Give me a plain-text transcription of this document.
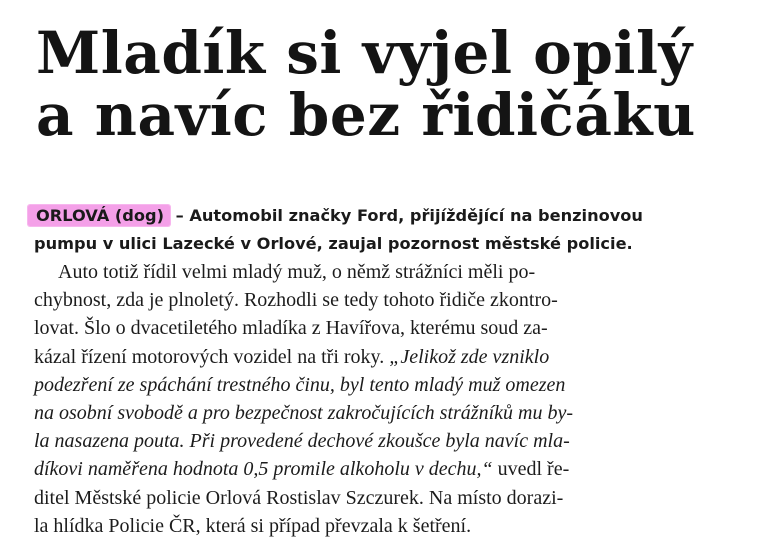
Mladík si vyjel opilý
a navíc bez řidičáku
ORLOVÁ (dog) – Automobil značky Ford, přijíždějící na benzinovou
pumpu v ulici Lazecké v Orlové, zaujal pozornost městské policie.
Auto totiž řídil velmi mladý muž, o němž strážníci měli po-
chybnost, zda je plnoletý. Rozhodli se tedy tohoto řidiče zkontro-
lovat. Šlo o dvacetiletého mladíka z Havířova, kterému soud za-
kázal řízení motorových vozidel na tři roky. „Jelikož zde vzniklo
podezření ze spáchání trestného činu, byl tento mladý muž omezen
na osobní svobodě a pro bezpečnost zakročujících strážníků mu by-
la nasazena pouta. Při provedené dechové zkoušce byla navíc mla-
díkovi naměřena hodnota 0,5 promile alkoholu v dechu,“ uvedl ře-
ditel Městské policie Orlová Rostislav Szczurek. Na místo dorazi-
la hlídka Policie ČR, která si případ převzala k šetření.
